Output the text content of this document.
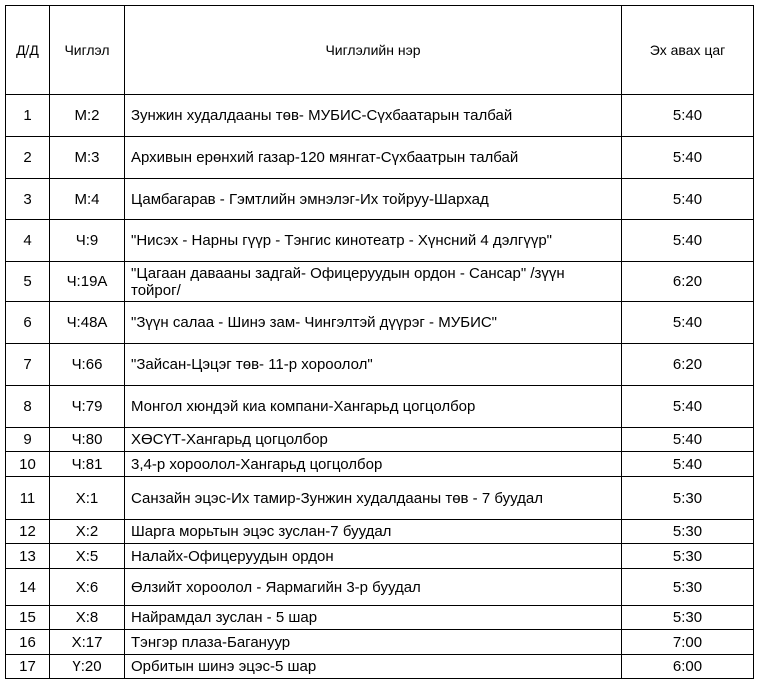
Д/Д	Чиглэл	Чиглэлийн нэр	Эх авах цаг
1	М:2	Зунжин худалдааны төв- МУБИС-Сүхбаатарын талбай	5:40
2	М:3	Архивын ерөнхий газар-120 мянгат-Сүхбаатрын талбай	5:40
3	М:4	Цамбагарав - Гэмтлийн эмнэлэг-Их тойруу-Шархад	5:40
4	Ч:9	"Нисэх - Нарны гүүр - Тэнгис кинотеатр - Хүнсний 4 дэлгүүр"	5:40
5	Ч:19А	"Цагаан даваaны задгай- Офицеруудын ордон - Сансар" /зүүн тойрог/	6:20
6	Ч:48А	"Зүүн салаа - Шинэ зам- Чингэлтэй дүүрэг - МУБИС"	5:40
7	Ч:66	"Зайсан-Цэцэг төв- 11-р хороолол"	6:20
8	Ч:79	Монгол хюндэй киа компани-Хангарьд цогцолбор	5:40
9	Ч:80	ХӨСҮТ-Хангарьд цогцолбор	5:40
10	Ч:81	3,4-р хороолол-Хангарьд цогцолбор	5:40
11	Х:1	Санзайн эцэс-Их тамир-Зунжин худалдааны төв - 7 буудал	5:30
12	Х:2	Шарга морьтын эцэс зуслан-7 буудал	5:30
13	Х:5	Налайх-Офицеруудын ордон	5:30
14	Х:6	Өлзийт хороолол - Яармагийн 3-р буудал	5:30
15	Х:8	Найрамдал зуслан - 5 шар	5:30
16	Х:17	Тэнгэр плаза-Багануур	7:00
17	Ү:20	Орбитын шинэ эцэс-5 шар	6:00
